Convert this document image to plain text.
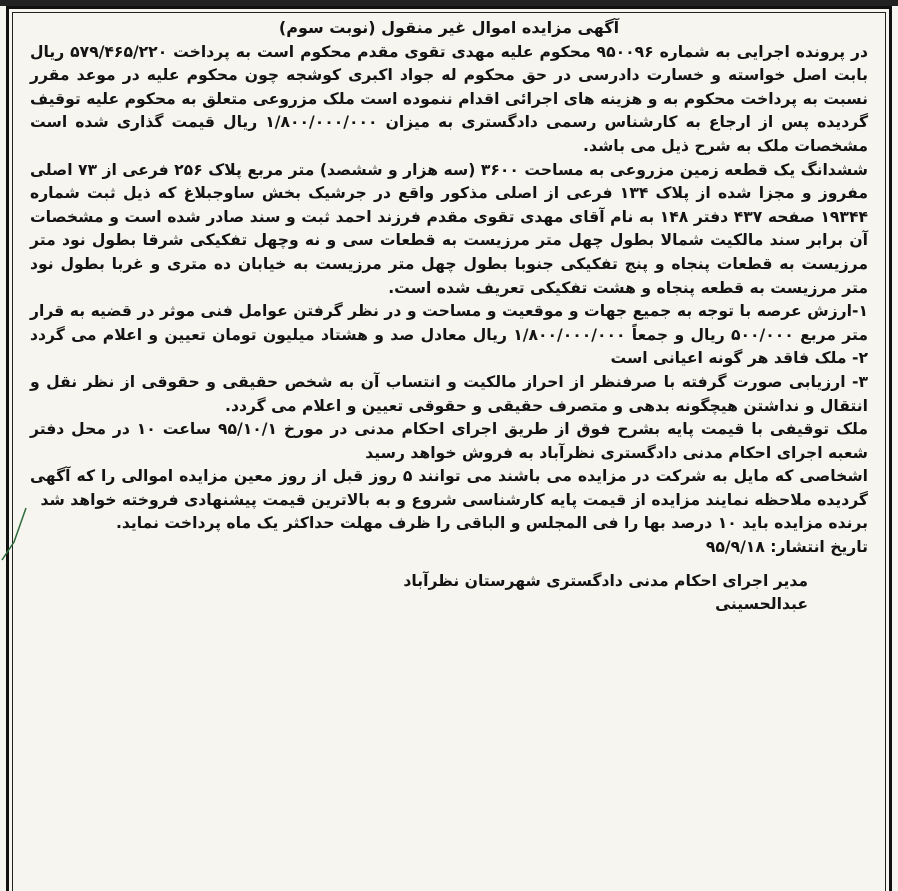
آگهی مزایده اموال غیر منقول (نوبت سوم)

در پرونده اجرایی به شماره ۹۵۰۰۹۶ محکوم علیه مهدی تقوی مقدم محکوم است به پرداخت ۵۷۹/۴۶۵/۲۲۰ ریال بابت اصل خواسته و خسارت دادرسی در حق محکوم له جواد اکبری کوشجه چون محکوم علیه در موعد مقرر نسبت به پرداخت محکوم به و هزینه های اجرائی اقدام ننموده است ملک مزروعی متعلق به محکوم علیه توقیف گردیده پس از ارجاع به کارشناس رسمی دادگستری به میزان ۱/۸۰۰/۰۰۰/۰۰۰ ریال قیمت گذاری شده است مشخصات ملک به شرح ذیل می باشد.

ششدانگ یک قطعه زمین مزروعی به مساحت ۳۶۰۰ (سه هزار و ششصد) متر مربع پلاک ۲۵۶ فرعی از ۷۳ اصلی مفروز و مجزا شده از پلاک ۱۳۴ فرعی از اصلی مذکور واقع در جرشیک بخش ساوجبلاغ که ذیل ثبت شماره ۱۹۳۴۴ صفحه ۴۳۷ دفتر ۱۴۸ به نام آقای مهدی تقوی مقدم فرزند احمد ثبت و سند صادر شده است و مشخصات آن برابر سند مالکیت شمالا بطول چهل متر مرزیست به قطعات سی و نه وچهل تفکیکی شرقا بطول نود متر مرزیست به قطعات پنجاه و پنج تفکیکی جنوبا بطول چهل متر مرزیست به خیابان ده متری و غربا بطول نود متر مرزیست به قطعه پنجاه و هشت تفکیکی تعریف شده است.

۱-ارزش عرصه با توجه به جمیع جهات و موقعیت و مساحت و در نظر گرفتن عوامل فنی موثر در قضیه به قرار متر مربع ۵۰۰/۰۰۰ ریال و جمعاً ۱/۸۰۰/۰۰۰/۰۰۰ ریال معادل صد و هشتاد میلیون تومان تعیین و اعلام می گردد ۲- ملک فاقد هر گونه اعیانی است

۳- ارزیابی صورت گرفته با صرفنظر از احراز مالکیت و انتساب آن به شخص حقیقی و حقوقی از نظر نقل و انتقال و نداشتن هیچگونه بدهی و متصرف حقیقی و حقوقی تعیین و اعلام می گردد.

ملک توقیفی با قیمت پایه بشرح فوق از طریق اجرای احکام مدنی در مورخ ۹۵/۱۰/۱ ساعت ۱۰ در محل دفتر شعبه اجرای احکام مدنی دادگستری نظرآباد به فروش خواهد رسید

اشخاصی که مایل به شرکت در مزایده می باشند می توانند ۵ روز قبل از روز معین مزایده اموالی را که آگهی گردیده ملاحظه نمایند مزایده از قیمت پایه کارشناسی شروع و به بالاترین قیمت پیشنهادی فروخته خواهد شد

برنده مزایده باید ۱۰ درصد بها را فی المجلس و الباقی را ظرف مهلت حداکثر یک ماه پرداخت نماید.

تاریخ انتشار: ۹۵/۹/۱۸
مدیر اجرای احکام مدنی دادگستری شهرستان نظرآباد
عبدالحسینی
